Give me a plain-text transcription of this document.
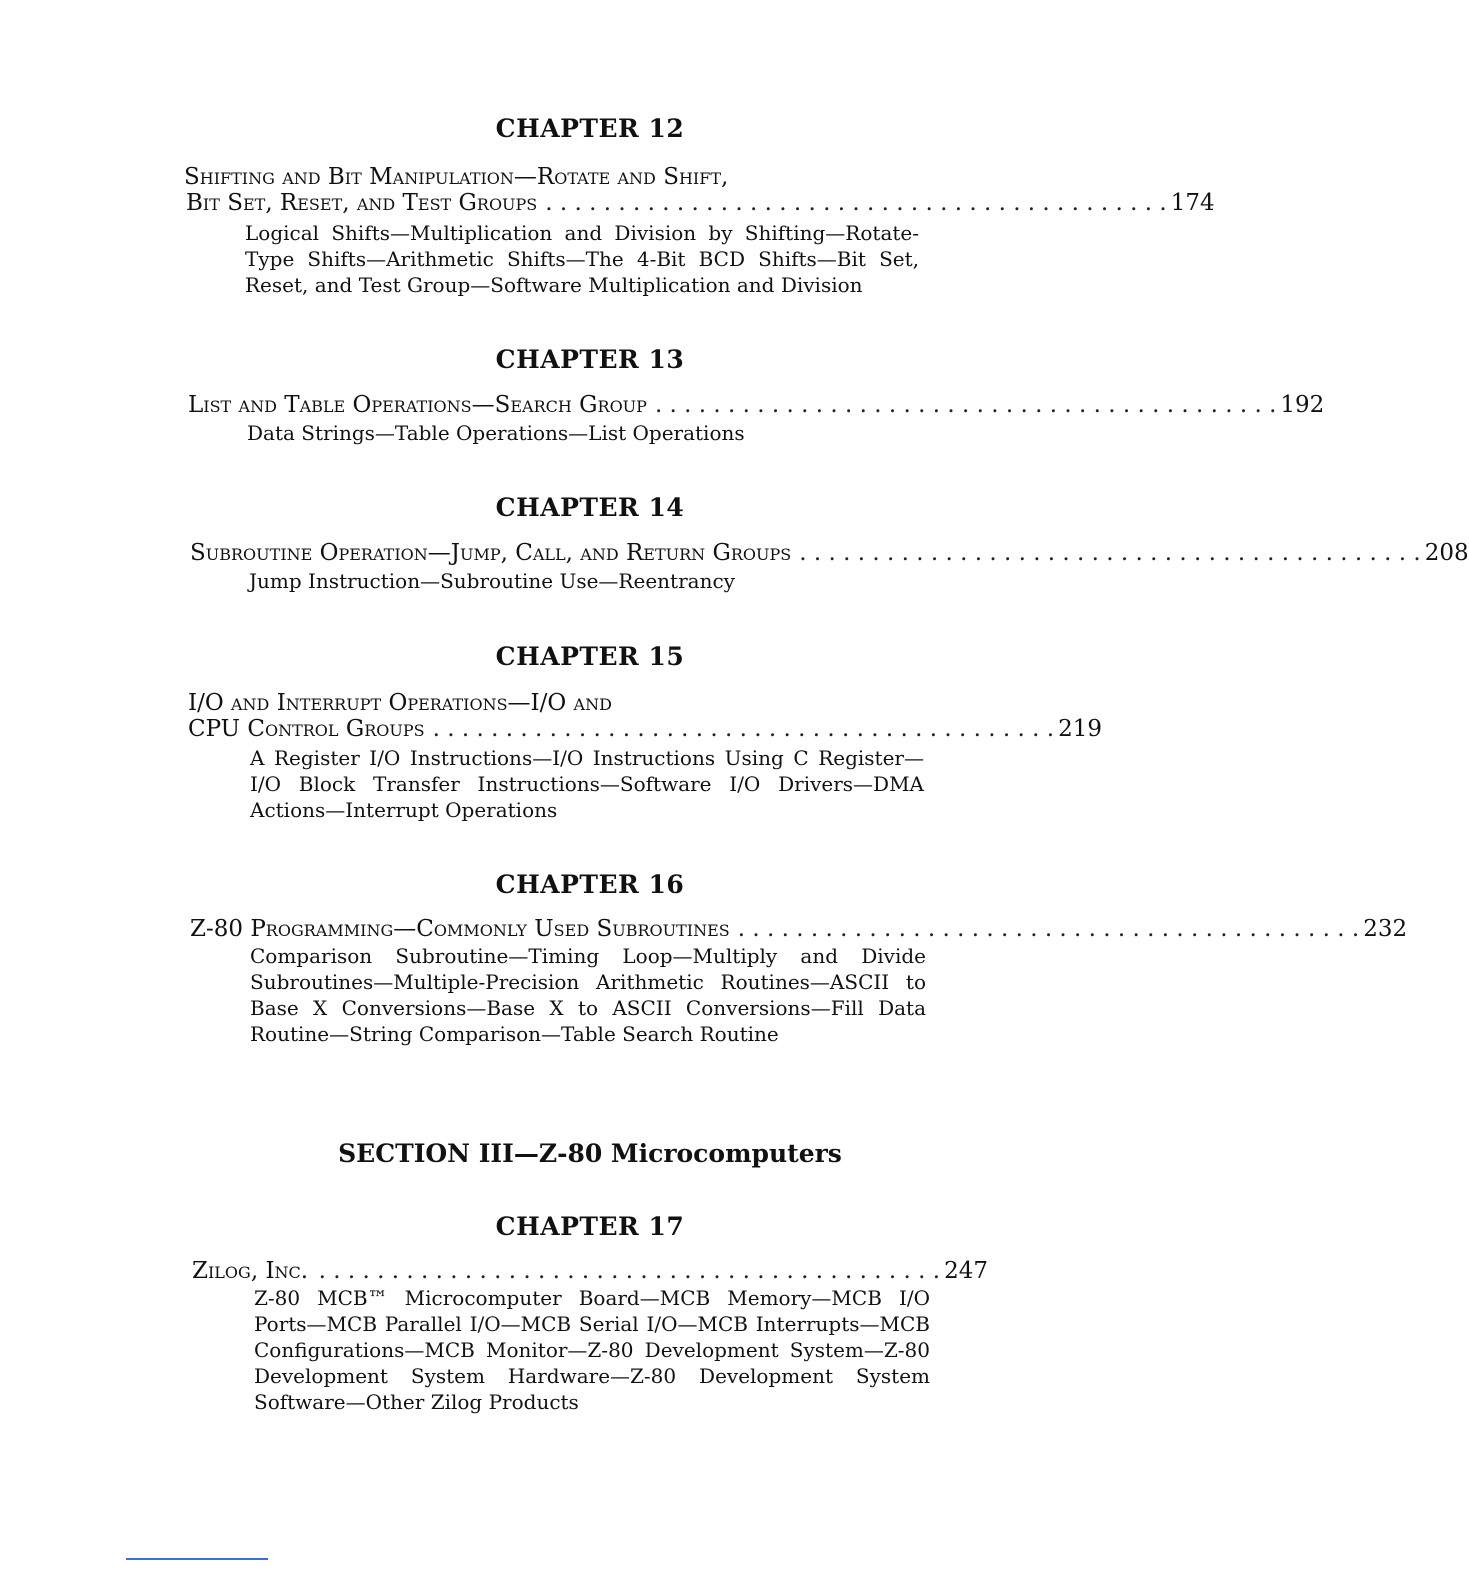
CHAPTER 12
Shifting and Bit Manipulation—Rotate and Shift,
Bit Set, Reset, and Test Groups . . . . . . . . . . . . . . . . . . . . . . . . . . . . . . . . . . . . . . . . . . . 174
Logical Shifts—Multiplication and Division by Shifting—Rotate-Type Shifts—Arithmetic Shifts—The 4-Bit BCD Shifts—Bit Set, Reset, and Test Group—Software Multiplication and Division
CHAPTER 13
List and Table Operations—Search Group . . . . . . . . . . . . . . . . . . . . . . . . . . . . . . . . . . . . . . . . . . . 192
Data Strings—Table Operations—List Operations
CHAPTER 14
Subroutine Operation—Jump, Call, and Return Groups . . . . . . . . . . . . . . . . . . . . . . . . . . . . . . . . . . . . . . . . . . . 208
Jump Instruction—Subroutine Use—Reentrancy
CHAPTER 15
I/O and Interrupt Operations—I/O and
CPU Control Groups . . . . . . . . . . . . . . . . . . . . . . . . . . . . . . . . . . . . . . . . . . . 219
A Register I/O Instructions—I/O Instructions Using C Register—I/O Block Transfer Instructions—Software I/O Drivers—DMA Actions—Interrupt Operations
CHAPTER 16
Z-80 Programming—Commonly Used Subroutines . . . . . . . . . . . . . . . . . . . . . . . . . . . . . . . . . . . . . . . . . . . 232
Comparison Subroutine—Timing Loop—Multiply and Divide Subroutines—Multiple-Precision Arithmetic Routines—ASCII to Base X Conversions—Base X to ASCII Conversions—Fill Data Routine—String Comparison—Table Search Routine
SECTION III—Z-80 Microcomputers
CHAPTER 17
Zilog, Inc. . . . . . . . . . . . . . . . . . . . . . . . . . . . . . . . . . . . . . . . . . . . 247
Z-80 MCB™ Microcomputer Board—MCB Memory—MCB I/O Ports—MCB Parallel I/O—MCB Serial I/O—MCB Interrupts—MCB Configurations—MCB Monitor—Z-80 Development System—Z-80 Development System Hardware—Z-80 Development System Software—Other Zilog Products
